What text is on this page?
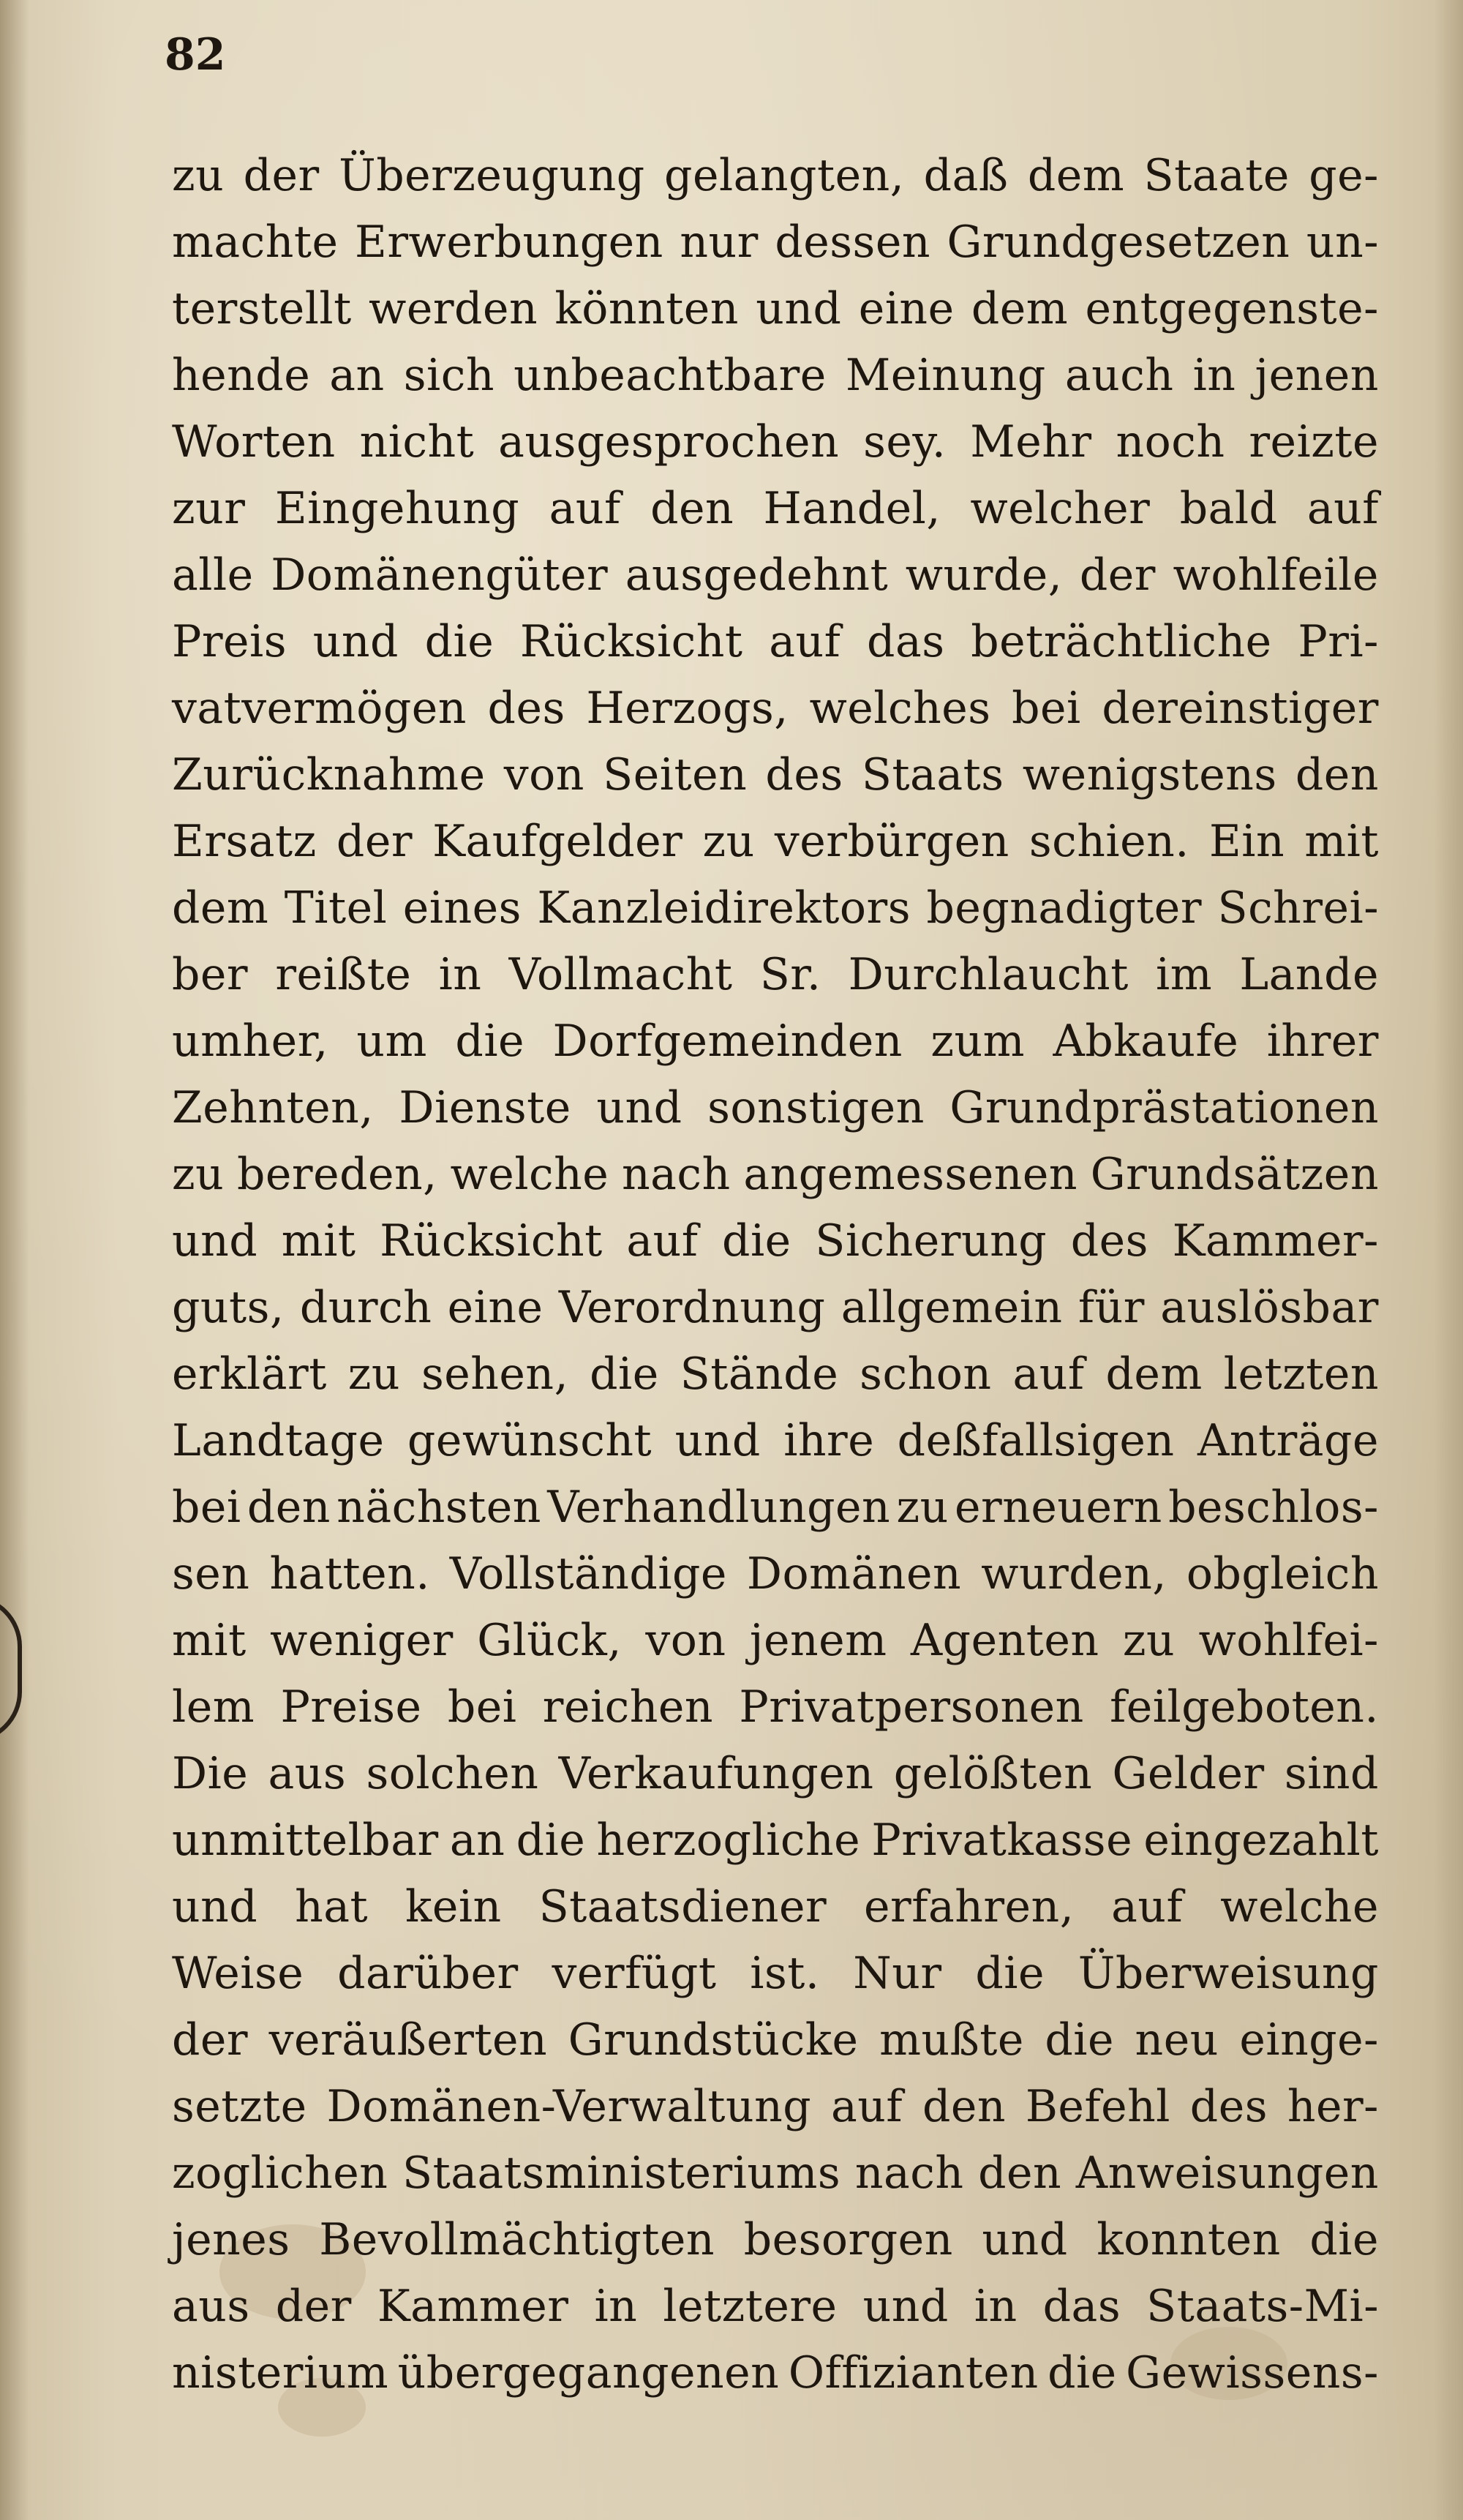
82
zu der Überzeugung gelangten, daß dem Staate ge-
machte Erwerbungen nur dessen Grundgesetzen un-
terstellt werden könnten und eine dem entgegenste-
hende an sich unbeachtbare Meinung auch in jenen
Worten nicht ausgesprochen sey. Mehr noch reizte
zur Eingehung auf den Handel, welcher bald auf
alle Domänengüter ausgedehnt wurde, der wohlfeile
Preis und die Rücksicht auf das beträchtliche Pri-
vatvermögen des Herzogs, welches bei dereinstiger
Zurücknahme von Seiten des Staats wenigstens den
Ersatz der Kaufgelder zu verbürgen schien. Ein mit
dem Titel eines Kanzleidirektors begnadigter Schrei-
ber reißte in Vollmacht Sr. Durchlaucht im Lande
umher, um die Dorfgemeinden zum Abkaufe ihrer
Zehnten, Dienste und sonstigen Grundprästationen
zu bereden, welche nach angemessenen Grundsätzen
und mit Rücksicht auf die Sicherung des Kammer-
guts, durch eine Verordnung allgemein für auslösbar
erklärt zu sehen, die Stände schon auf dem letzten
Landtage gewünscht und ihre deßfallsigen Anträge
bei den nächsten Verhandlungen zu erneuern beschlos-
sen hatten. Vollständige Domänen wurden, obgleich
mit weniger Glück, von jenem Agenten zu wohlfei-
lem Preise bei reichen Privatpersonen feilgeboten.
Die aus solchen Verkaufungen gelößten Gelder sind
unmittelbar an die herzogliche Privatkasse eingezahlt
und hat kein Staatsdiener erfahren, auf welche
Weise darüber verfügt ist. Nur die Überweisung
der veräußerten Grundstücke mußte die neu einge-
setzte Domänen-Verwaltung auf den Befehl des her-
zoglichen Staatsministeriums nach den Anweisungen
jenes Bevollmächtigten besorgen und konnten die
aus der Kammer in letztere und in das Staats-Mi-
nisterium übergegangenen Offizianten die Gewissens-
